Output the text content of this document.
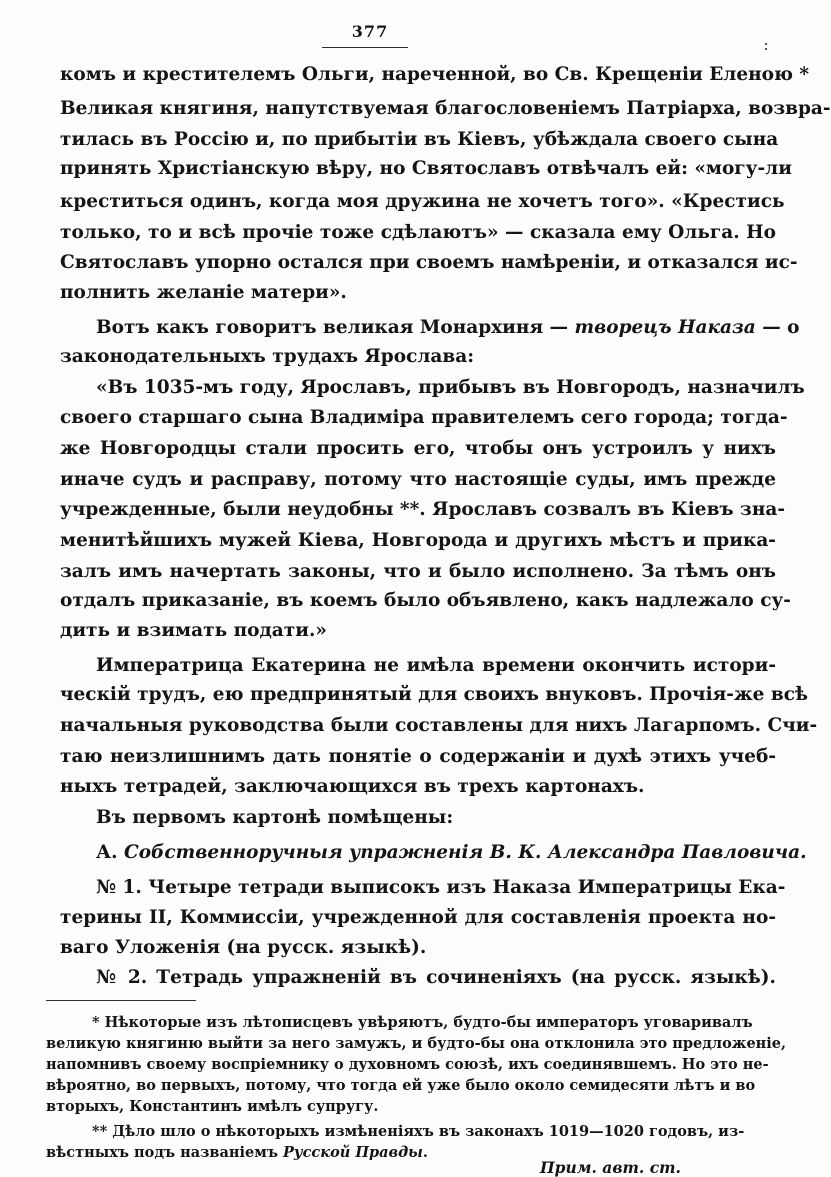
377
комъ и крестителемъ Ольги, нареченной, во Св. Крещеніи Еленою *
Великая княгиня, напутствуемая благословеніемъ Патріарха, возвра-
тилась въ Россію и, по прибытіи въ Кіевъ, убѣждала своего сына
принять Христіанскую вѣру, но Святославъ отвѣчалъ ей: «могу-ли
креститься одинъ, когда моя дружина не хочетъ того». «Крестись
только, то и всѣ прочіе тоже сдѣлаютъ» — сказала ему Ольга. Но
Святославъ упорно остался при своемъ намѣреніи, и отказался ис-
полнить желаніе матери».
Вотъ какъ говоритъ великая Монархиня — творецъ Наказа — о
законодательныхъ трудахъ Ярослава:
«Въ 1035-мъ году, Ярославъ, прибывъ въ Новгородъ, назначилъ
своего старшаго сына Владиміра правителемъ сего города; тогда-
же Новгородцы стали просить его, чтобы онъ устроилъ у нихъ
иначе судъ и расправу, потому что настоящіе суды, имъ прежде
учрежденные, были неудобны **. Ярославъ созвалъ въ Кіевъ зна-
менитѣйшихъ мужей Кіева, Новгорода и другихъ мѣстъ и прика-
залъ имъ начертать законы, что и было исполнено. За тѣмъ онъ
отдалъ приказаніе, въ коемъ было объявлено, какъ надлежало су-
дить и взимать подати.»
Императрица Екатерина не имѣла времени окончить истори-
ческій трудъ, ею предпринятый для своихъ внуковъ. Прочія-же всѣ
начальныя руководства были составлены для нихъ Лагарпомъ. Счи-
таю неизлишнимъ дать понятіе о содержаніи и духѣ этихъ учеб-
ныхъ тетрадей, заключающихся въ трехъ картонахъ.
Въ первомъ картонѣ помѣщены:
А. Собственноручныя упражненія В. К. Александра Павловича.
№ 1. Четыре тетради выписокъ изъ Наказа Императрицы Ека-
терины II, Коммиссіи, учрежденной для составленія проекта но-
ваго Уложенія (на русск. языкѣ).
№ 2. Тетрадь упражненій въ сочиненіяхъ (на русск. языкѣ).
* Нѣкоторые изъ лѣтописцевъ увѣряютъ, будто-бы императоръ уговаривалъ
великую княгиню выйти за него замужъ, и будто-бы она отклонила это предложеніе,
напомнивъ своему воспріемнику о духовномъ союзѣ, ихъ соединявшемъ. Но это не-
вѣроятно, во первыхъ, потому, что тогда ей уже было около семидесяти лѣтъ и во
вторыхъ, Константинъ имѣлъ супругу.
** Дѣло шло о нѣкоторыхъ измѣненіяхъ въ законахъ 1019—1020 годовъ, из-
вѣстныхъ подъ названіемъ Русской Правды.
Прим. авт. ст.
